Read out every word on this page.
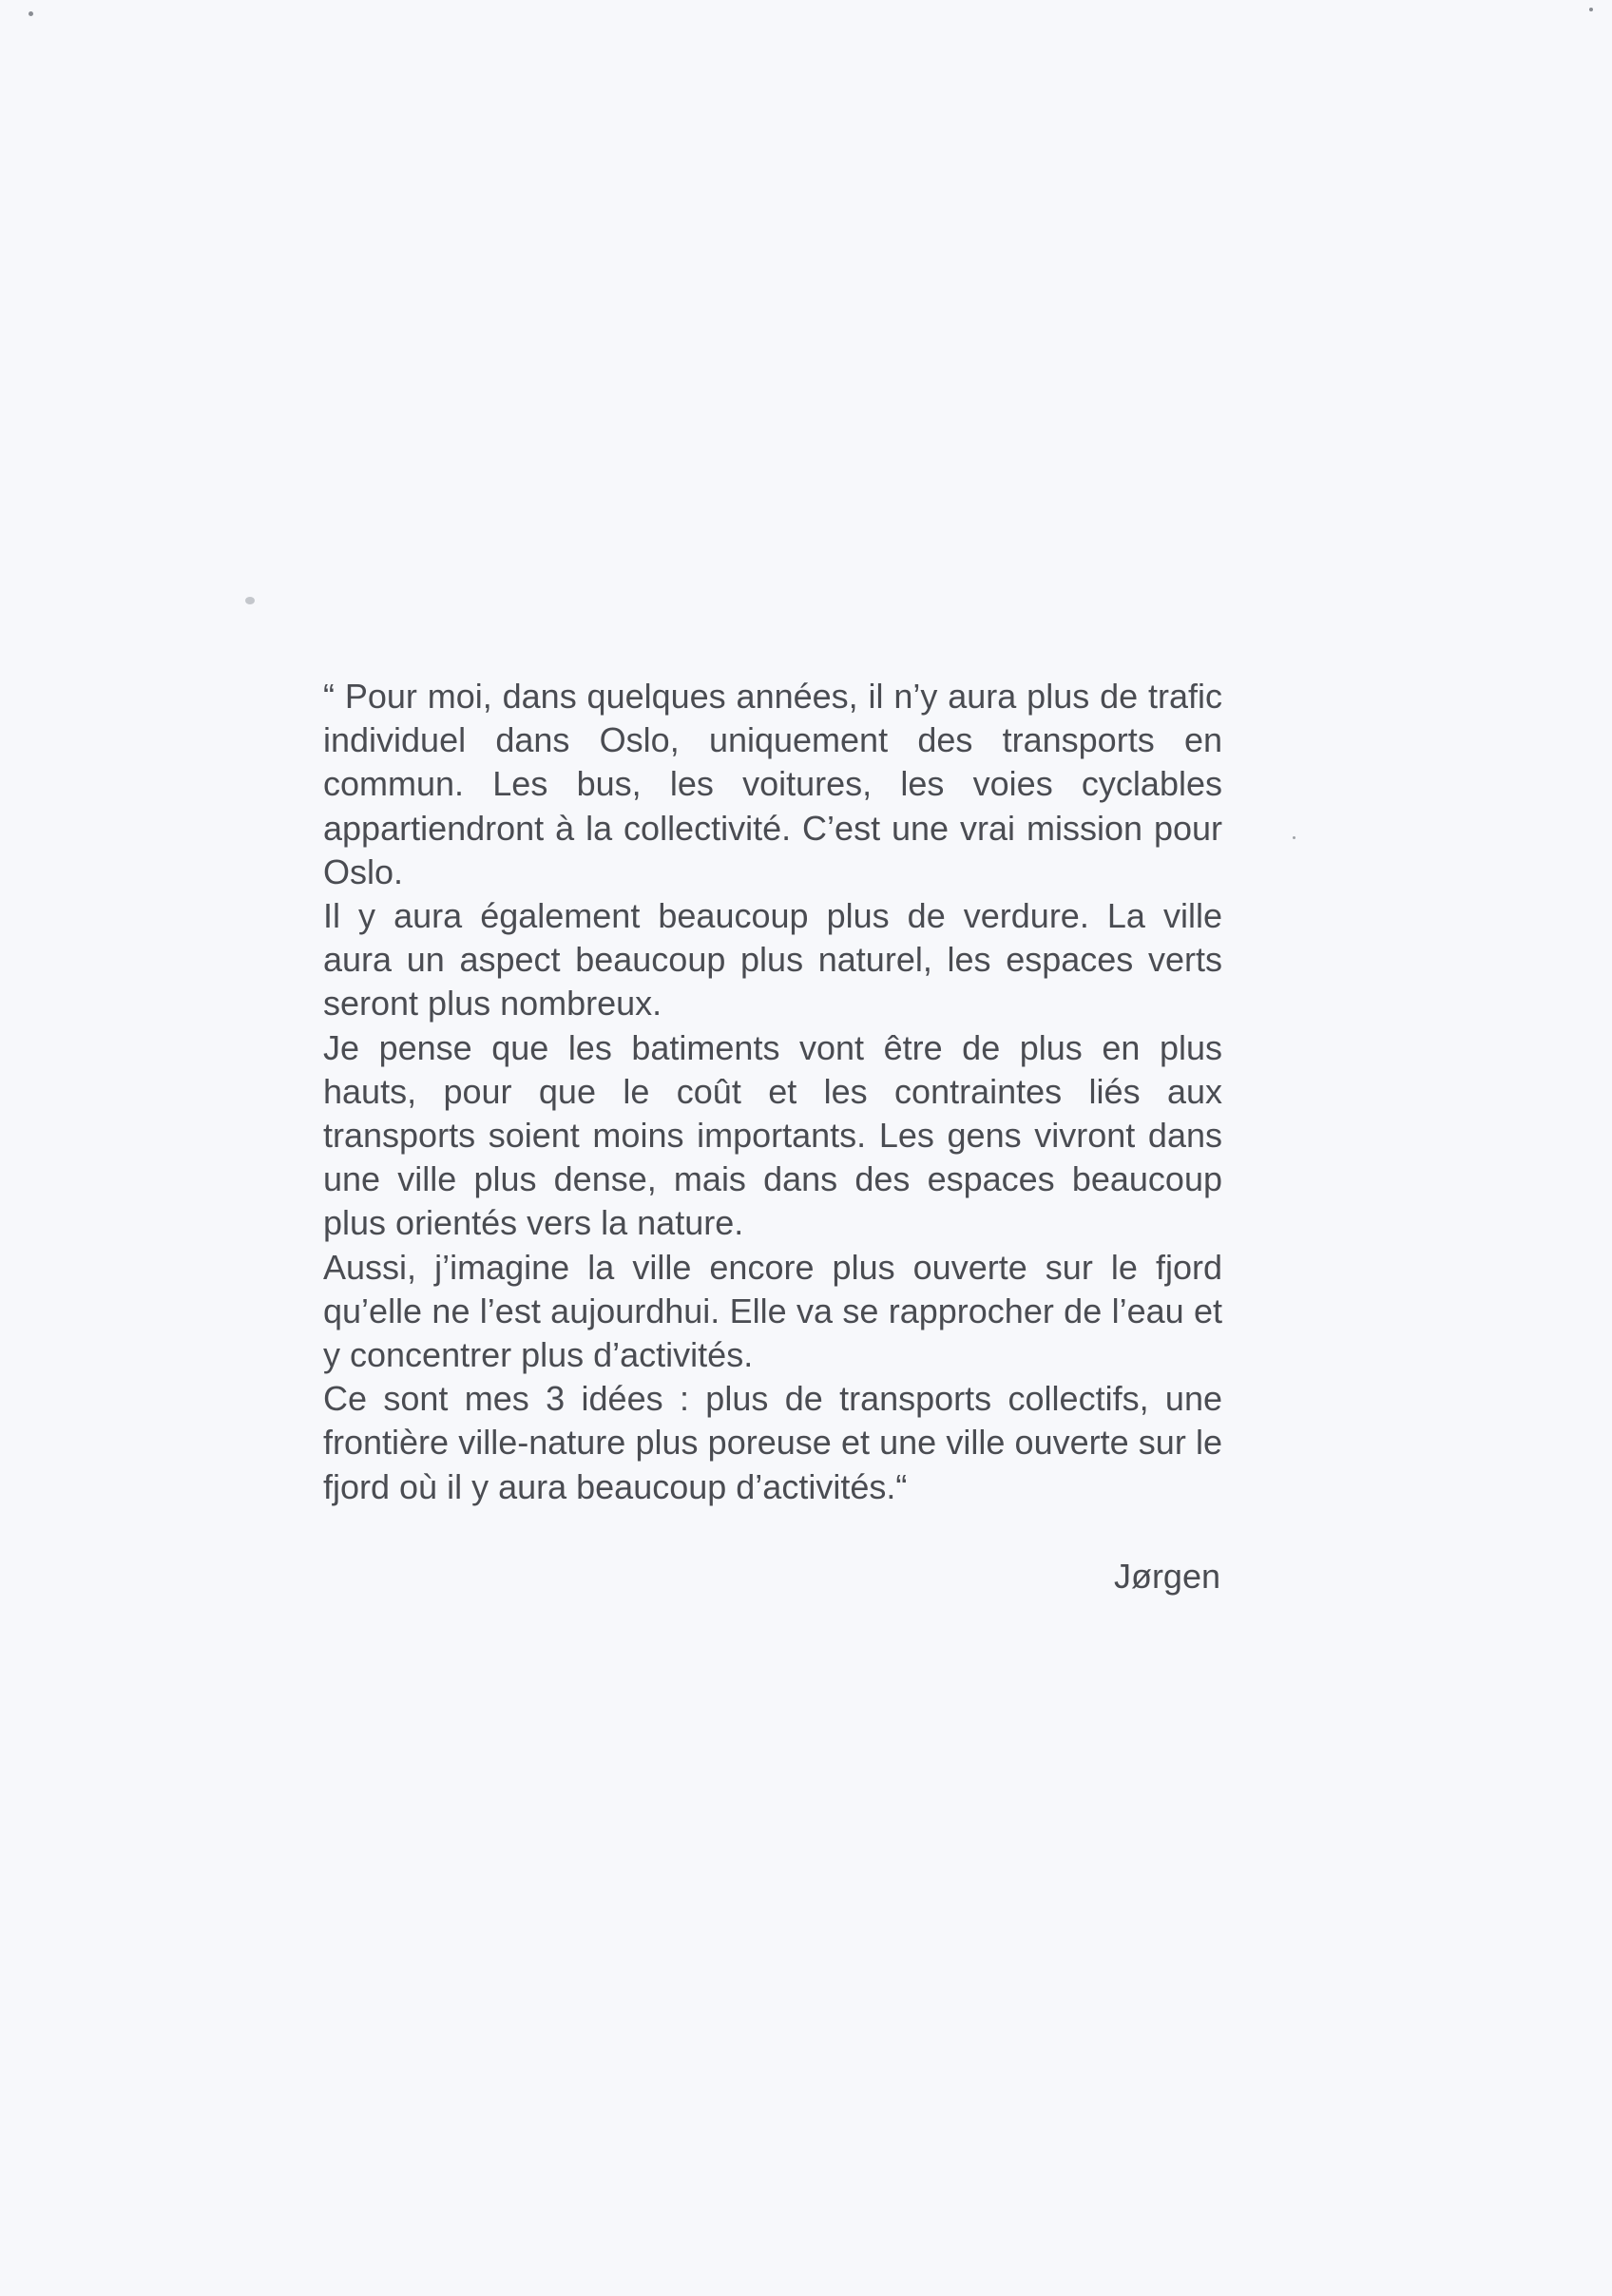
“ Pour moi, dans quelques années, il n’y aura plus de trafic individuel dans Oslo, uniquement des transports en commun. Les bus, les voitures, les voies cyclables appartiendront à la collectivité. C’est une vrai mission pour Oslo.

Il y aura également beaucoup plus de verdure. La ville aura un aspect beaucoup plus naturel, les espaces verts seront plus nombreux.

Je pense que les batiments vont être de plus en plus hauts, pour que le coût et les contraintes liés aux transports soient moins importants. Les gens vivront dans une ville plus dense, mais dans des espaces beaucoup plus orientés vers la nature.

Aussi, j’imagine la ville encore plus ouverte sur le fjord qu’elle ne l’est aujourdhui. Elle va se rapprocher de l’eau et y concentrer plus d’activités.

Ce sont mes 3 idées : plus de transports collectifs, une frontière ville-nature plus poreuse et une ville ouverte sur le fjord où il y aura beaucoup d’activités.“

Jørgen
